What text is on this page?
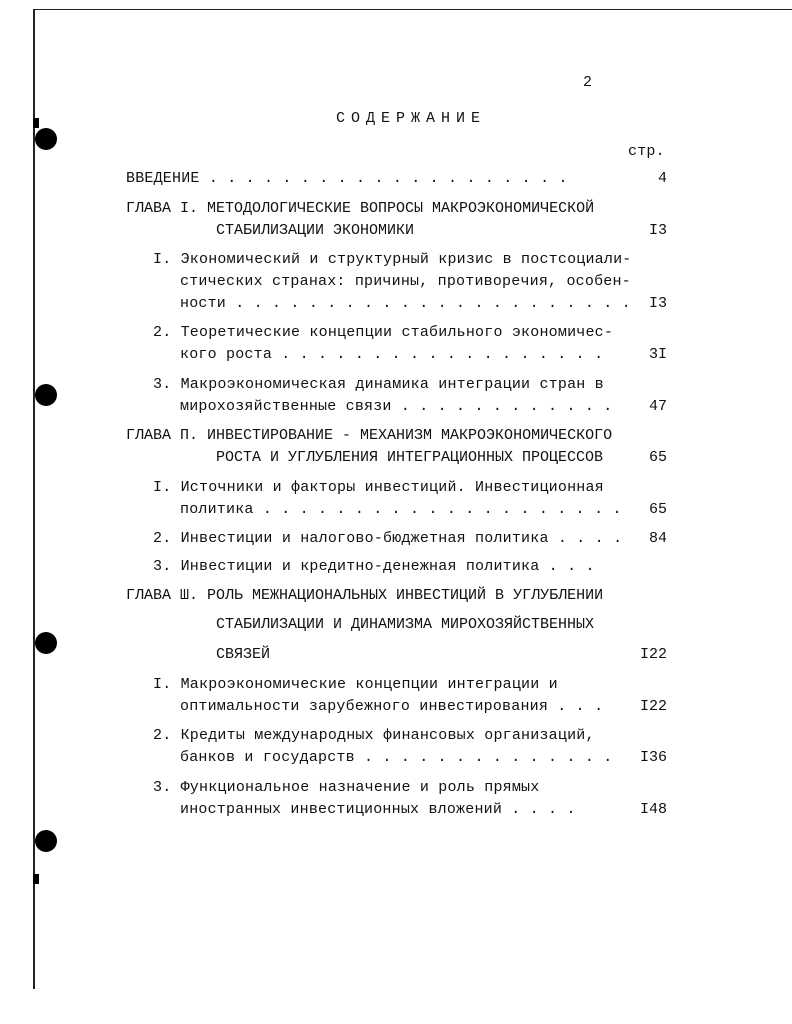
2
СОДЕРЖАНИЕ
стр.
ВВЕДЕНИЕ . . . . . . . . . . . . . . . . . . . .	4
ГЛАВА I. МЕТОДОЛОГИЧЕСКИЕ ВОПРОСЫ МАКРОЭКОНОМИЧЕСКОЙ
СТАБИЛИЗАЦИИ ЭКОНОМИКИ	I3
I. Экономический и структурный кризис в постсоциали-
стических странах: причины, противоречия, особен-
ности . . . . . . . . . . . . . . . . . . . . . .	I3
2. Теоретические концепции стабильного экономичес-
кого роста . . . . . . . . . . . . . . . . . .	3I
3. Макроэкономическая динамика интеграции стран в
мирохозяйственные связи . . . . . . . . . . . .	47
ГЛАВА П. ИНВЕСТИРОВАНИЕ - МЕХАНИЗМ МАКРОЭКОНОМИЧЕСКОГО
РОСТА И УГЛУБЛЕНИЯ ИНТЕГРАЦИОННЫХ ПРОЦЕССОВ	65
I. Источники и факторы инвестиций. Инвестиционная
политика . . . . . . . . . . . . . . . . . . . .	65
2. Инвестиции и налогово-бюджетная политика . . . .	84
3. Инвестиции и кредитно-денежная политика . . .
ГЛАВА Ш. РОЛЬ МЕЖНАЦИОНАЛЬНЫХ ИНВЕСТИЦИЙ В УГЛУБЛЕНИИ
СТАБИЛИЗАЦИИ И ДИНАМИЗМА МИРОХОЗЯЙСТВЕННЫХ
СВЯЗЕЙ	I22
I. Макроэкономические концепции интеграции и
оптимальности зарубежного инвестирования . . .	I22
2. Кредиты международных финансовых организаций,
банков и государств . . . . . . . . . . . . . .	I36
3. Функциональное назначение и роль прямых
иностранных инвестиционных вложений . . . .	I48
